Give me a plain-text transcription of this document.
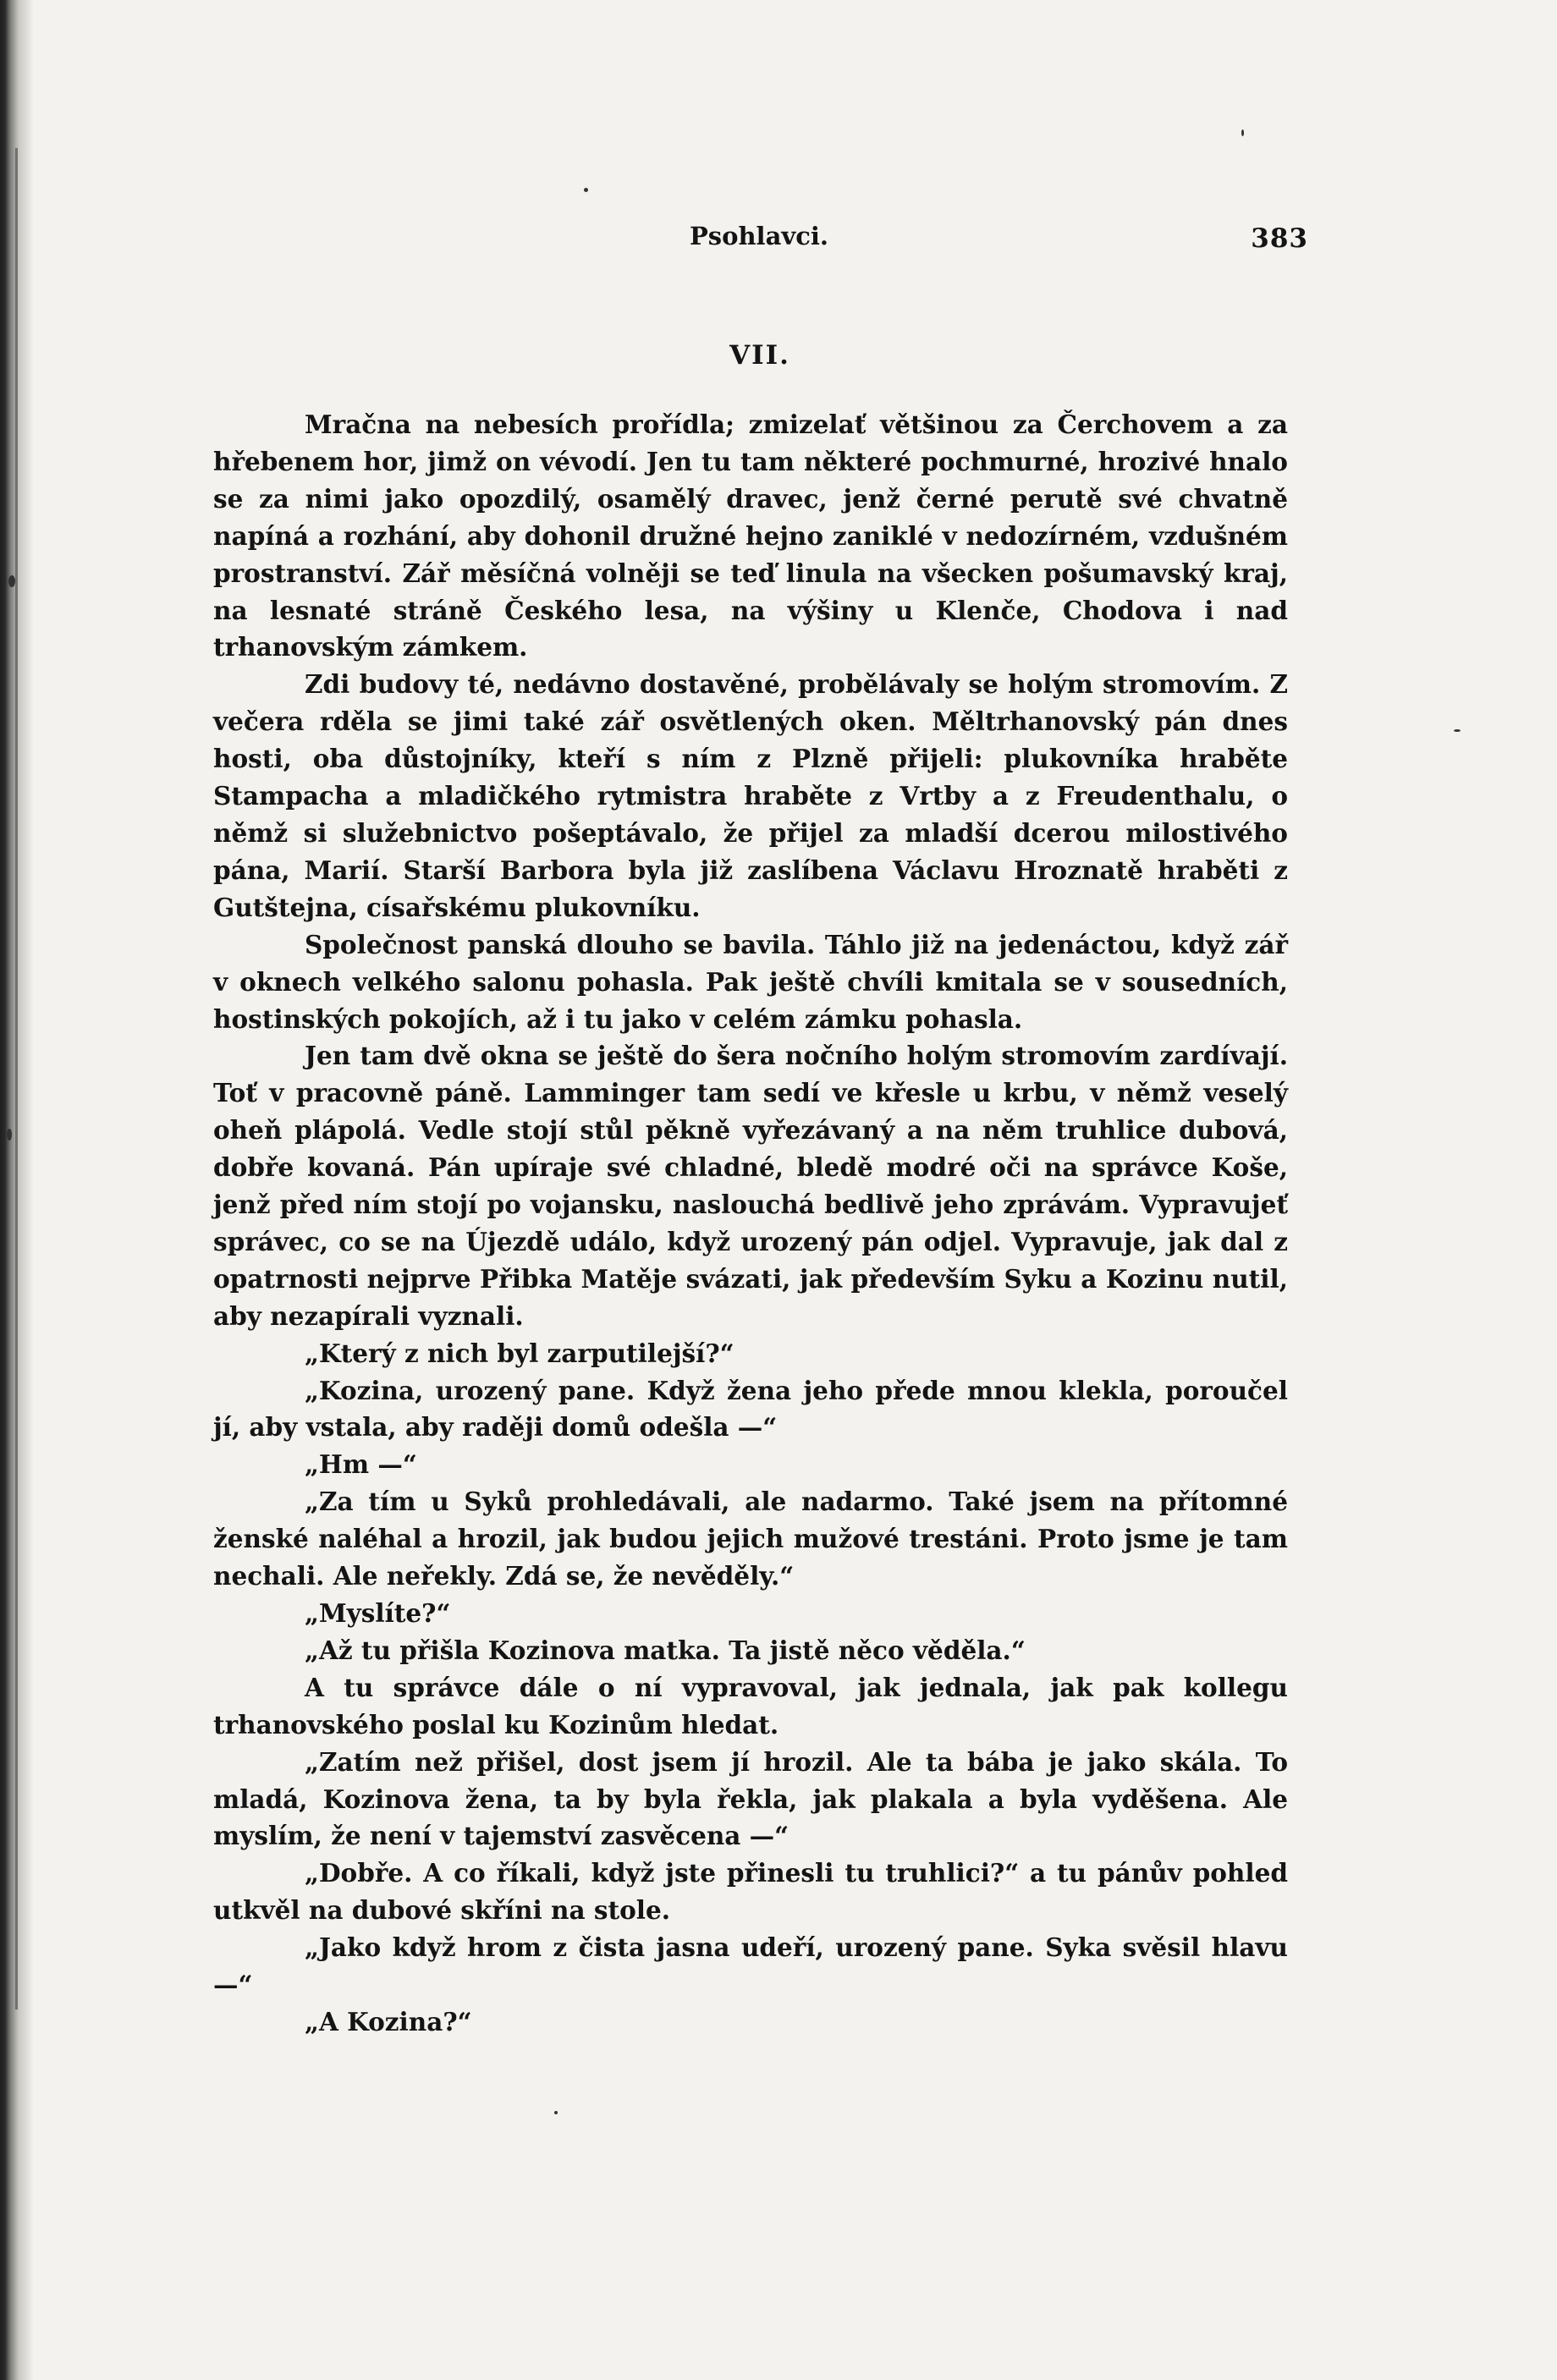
Psohlavci.	383
VII.

Mračna na nebesích prořídla; zmizelať většinou za Čerchovem a za hřebenem hor, jimž on vévodí. Jen tu tam některé pochmurné, hrozivé hnalo se za nimi jako opozdilý, osamělý dravec, jenž černé perutě své chvatně napíná a rozhání, aby dohonil družné hejno zaniklé v nedozírném, vzdušném prostranství. Zář měsíčná volněji se teď linula na všecken pošumavský kraj, na lesnaté stráně Českého lesa, na výšiny u Klenče, Chodova i nad trhanovským zámkem.

Zdi budovy té, nedávno dostavěné, probělávaly se holým stromovím. Z večera rděla se jimi také zář osvětlených oken. Měltrhanovský pán dnes hosti, oba důstojníky, kteří s ním z Plzně přijeli: plukovníka hraběte Stampacha a mladičkého rytmistra hraběte z Vrtby a z Freudenthalu, o němž si služebnictvo pošeptávalo, že přijel za mladší dcerou milostivého pána, Marií. Starší Barbora byla již zaslíbena Václavu Hroznatě hraběti z Gutštejna, císařskému plukovníku.

Společnost panská dlouho se bavila. Táhlo již na jedenáctou, když zář v oknech velkého salonu pohasla. Pak ještě chvíli kmitala se v sousedních, hostinských pokojích, až i tu jako v celém zámku pohasla.

Jen tam dvě okna se ještě do šera nočního holým stromovím zardívají. Toť v pracovně páně. Lamminger tam sedí ve křesle u krbu, v němž veselý oheň plápolá. Vedle stojí stůl pěkně vyřezávaný a na něm truhlice dubová, dobře kovaná. Pán upíraje své chladné, bledě modré oči na správce Koše, jenž před ním stojí po vojansku, naslouchá bedlivě jeho zprávám. Vypravujeť správec, co se na Újezdě událo, když urozený pán odjel. Vypravuje, jak dal z opatrnosti nejprve Přibka Matěje svázati, jak především Syku a Kozinu nutil, aby nezapírali vyznali.

„Který z nich byl zarputilejší?“

„Kozina, urozený pane. Když žena jeho přede mnou klekla, poroučel jí, aby vstala, aby raději domů odešla —“

„Hm —“

„Za tím u Syků prohledávali, ale nadarmo. Také jsem na přítomné ženské naléhal a hrozil, jak budou jejich mužové trestáni. Proto jsme je tam nechali. Ale neřekly. Zdá se, že nevěděly.“

„Myslíte?“

„Až tu přišla Kozinova matka. Ta jistě něco věděla.“

A tu správce dále o ní vypravoval, jak jednala, jak pak kollegu trhanovského poslal ku Kozinům hledat.

„Zatím než přišel, dost jsem jí hrozil. Ale ta bába je jako skála. To mladá, Kozinova žena, ta by byla řekla, jak plakala a byla vyděšena. Ale myslím, že není v tajemství zasvěcena —“

„Dobře. A co říkali, když jste přinesli tu truhlici?“ a tu pánův pohled utkvěl na dubové skříni na stole.

„Jako když hrom z čista jasna udeří, urozený pane. Syka svěsil hlavu —“

„A Kozina?“
